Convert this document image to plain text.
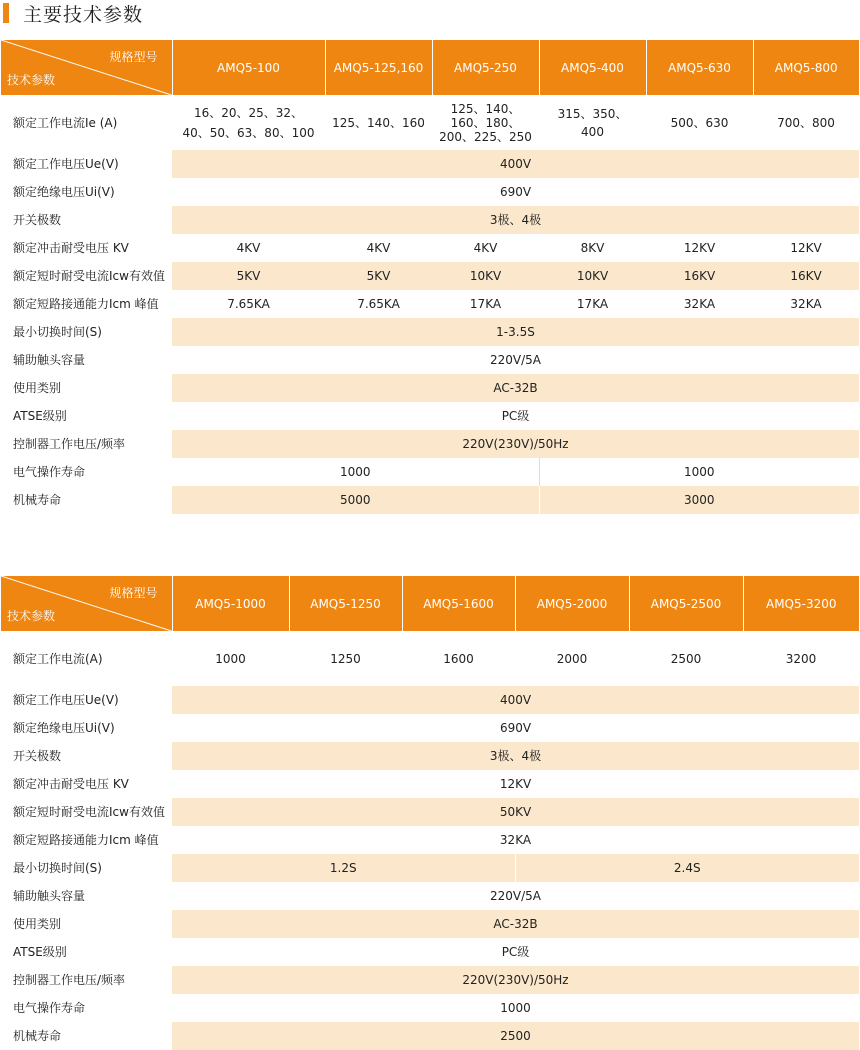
主要技术参数
规格型号
技术参数	AMQ5-100	AMQ5-125,160	AMQ5-250	AMQ5-400	AMQ5-630	AMQ5-800
额定工作电流Ie (A)	16、20、25、32、40、50、63、80、100	125、140、160	125、140、160、180、200、225、250	315、350、400	500、630	700、800
额定工作电压Ue(V)	400V					
额定绝缘电压Ui(V)	690V					
开关极数	3极、4极					
额定冲击耐受电压 KV	4KV	4KV	4KV	8KV	12KV	12KV
额定短时耐受电流Icw有效值	5KV	5KV	10KV	10KV	16KV	16KV
额定短路接通能力Icm 峰值	7.65KA	7.65KA	17KA	17KA	32KA	32KA
最小切换时间(S)	1-3.5S					
辅助触头容量	220V/5A					
使用类别	AC-32B					
ATSE级别	PC级					
控制器工作电压/频率	220V(230V)/50Hz					
电气操作寿命	1000			1000		
机械寿命	5000			3000		
规格型号
技术参数	AMQ5-1000	AMQ5-1250	AMQ5-1600	AMQ5-2000	AMQ5-2500	AMQ5-3200
额定工作电流(A)	1000	1250	1600	2000	2500	3200
额定工作电压Ue(V)	400V					
额定绝缘电压Ui(V)	690V					
开关极数	3极、4极					
额定冲击耐受电压 KV	12KV					
额定短时耐受电流Icw有效值	50KV					
额定短路接通能力Icm 峰值	32KA					
最小切换时间(S)	1.2S			2.4S		
辅助触头容量	220V/5A					
使用类别	AC-32B					
ATSE级别	PC级					
控制器工作电压/频率	220V(230V)/50Hz					
电气操作寿命	1000					
机械寿命	2500					
